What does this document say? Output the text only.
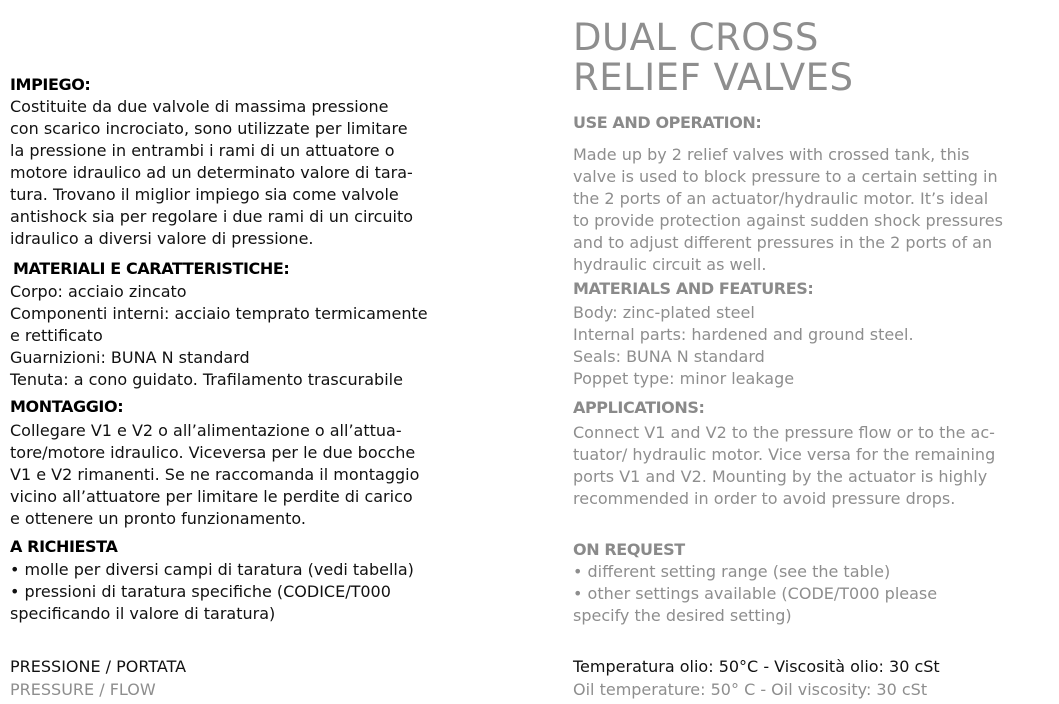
DUAL CROSS
RELIEF VALVES
IMPIEGO:
Costituite da due valvole di massima pressione
con scarico incrociato, sono utilizzate per limitare
la pressione in entrambi i rami di un attuatore o
motore idraulico ad un determinato valore di tara-
tura. Trovano il miglior impiego sia come valvole
antishock sia per regolare i due rami di un circuito
idraulico a diversi valore di pressione.
MATERIALI E CARATTERISTICHE:
Corpo: acciaio zincato
Componenti interni: acciaio temprato termicamente
e rettificato
Guarnizioni: BUNA N standard
Tenuta: a cono guidato. Trafilamento trascurabile
MONTAGGIO:
Collegare V1 e V2 o all’alimentazione o all’attua-
tore/motore idraulico. Viceversa per le due bocche
V1 e V2 rimanenti. Se ne raccomanda il montaggio
vicino all’attuatore per limitare le perdite di carico
e ottenere un pronto funzionamento.
A RICHIESTA
• molle per diversi campi di taratura (vedi tabella)
• pressioni di taratura specifiche (CODICE/T000
specificando il valore di taratura)
PRESSIONE / PORTATA
PRESSURE / FLOW
USE AND OPERATION:
Made up by 2 relief valves with crossed tank, this
valve is used to block pressure to a certain setting in
the 2 ports of an actuator/hydraulic motor. It’s ideal
to provide protection against sudden shock pressures
and to adjust different pressures in the 2 ports of an
hydraulic circuit as well.
MATERIALS AND FEATURES:
Body: zinc-plated steel
Internal parts: hardened and ground steel.
Seals: BUNA N standard
Poppet type: minor leakage
APPLICATIONS:
Connect V1 and V2 to the pressure flow or to the ac-
tuator/ hydraulic motor. Vice versa for the remaining
ports V1 and V2. Mounting by the actuator is highly
recommended in order to avoid pressure drops.
ON REQUEST
• different setting range (see the table)
• other settings available (CODE/T000 please
specify the desired setting)
Temperatura olio: 50°C - Viscosità olio: 30 cSt
Oil temperature: 50° C - Oil viscosity: 30 cSt
